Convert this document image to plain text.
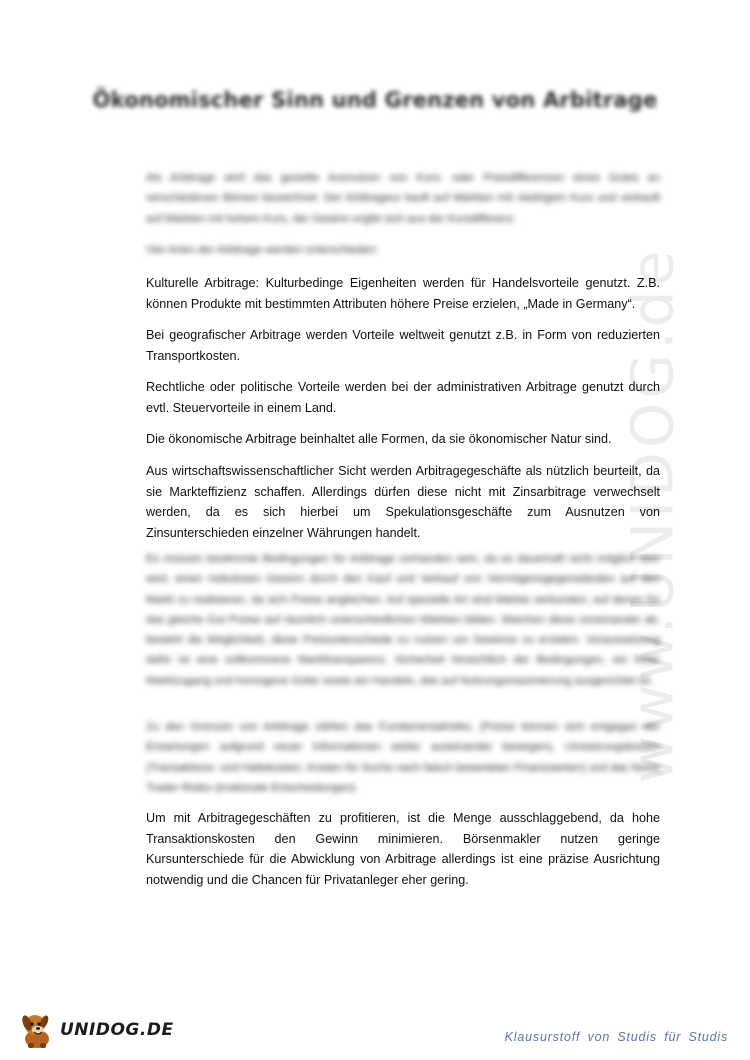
www.UNIDOG.de
Ökonomischer Sinn und Grenzen von Arbitrage

Als Arbitrage wird das gezielte Ausnutzen von Kurs- oder Preisdifferenzen eines Gutes an verschiedenen Börsen bezeichnet. Der Arbitrageur kauft auf Märkten mit niedrigem Kurs und verkauft auf Märkten mit hohem Kurs, der Gewinn ergibt sich aus der Kursdifferenz.

Vier Arten der Arbitrage werden unterschieden:

Kulturelle Arbitrage: Kulturbedinge Eigenheiten werden für Handelsvorteile genutzt. Z.B. können Produkte mit bestimmten Attributen höhere Preise erzielen, „Made in Germany“.

Bei geografischer Arbitrage werden Vorteile weltweit genutzt z.B. in Form von reduzierten Transportkosten.

Rechtliche oder politische Vorteile werden bei der administrativen Arbitrage genutzt durch evtl. Steuervorteile in einem Land.

Die ökonomische Arbitrage beinhaltet alle Formen, da sie ökonomischer Natur sind.

Aus wirtschaftswissenschaftlicher Sicht werden Arbitragegeschäfte als nützlich beurteilt, da sie Markteffizienz schaffen. Allerdings dürfen diese nicht mit Zinsarbitrage verwechselt werden, da es sich hierbei um Spekulationsgeschäfte zum Ausnutzen von Zinsunterschieden einzelner Währungen handelt.

Es müssen bestimmte Bedingungen für Arbitrage vorhanden sein, da es dauerhaft nicht möglich sein wird, einen risikolosen Gewinn durch den Kauf und Verkauf von Vermögensgegenständen auf den Markt zu realisieren, da sich Preise angleichen. Auf spezielle Art sind Märkte verbunden, auf denen für das gleiche Gut Preise auf räumlich unterschiedlichen Märkten bilden. Weichen diese voneinander ab, besteht die Möglichkeit, diese Preisunterschiede zu nutzen um Gewinne zu erzielen. Voraussetzung dafür ist eine vollkommene Markttransparenz, Sicherheit hinsichtlich der Bedingungen, ein freier Marktzugang und homogene Güter sowie ein Handeln, das auf Nutzungsmaximierung ausgerichtet ist.

Zu den Grenzen von Arbitrage zählen das Fundamentalrisiko, (Preise können sich entgegen der Erwartungen aufgrund neuer Informationen weiter auseinander bewegen), Umsetzungskosten (Transaktions- und Haltekosten, Kosten für Suche nach falsch bewerteten Finanzwerten) und das Noise Trader Risiko (irrationale Entscheidungen).

Um mit Arbitragegeschäften zu profitieren, ist die Menge ausschlaggebend, da hohe Transaktionskosten den Gewinn minimieren. Börsenmakler nutzen geringe Kursunterschiede für die Abwicklung von Arbitrage allerdings ist eine präzise Ausrichtung notwendig und die Chancen für Privatanleger eher gering.

UNIDOG.DE	Klausurstoff von Studis für Studis
